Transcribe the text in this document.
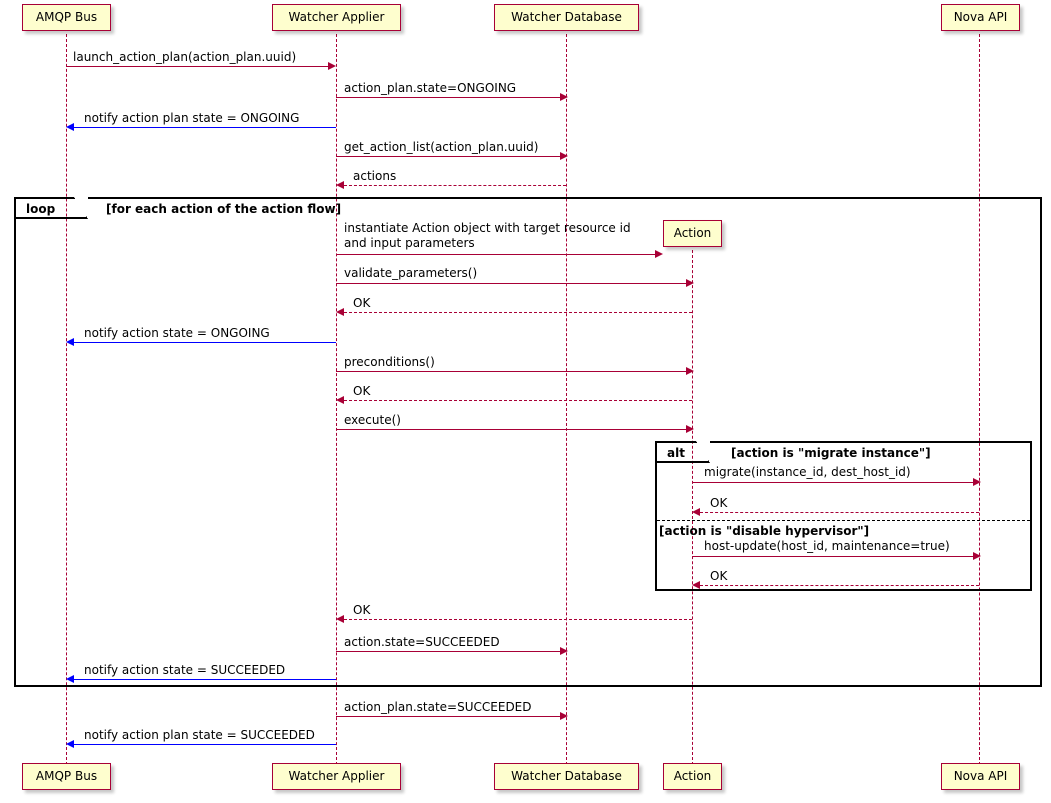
AMQP Bus	Watcher Applier	Watcher Database	Nova API
launch_action_plan(action_plan.uuid)
action_plan.state=ONGOING
notify action plan state = ONGOING
get_action_list(action_plan.uuid)
actions
loop	[for each action of the action flow]
Action
instantiate Action object with target resource id
and input parameters
validate_parameters()
OK
notify action state = ONGOING
preconditions()
OK
execute()
alt	[action is "migrate instance"]
migrate(instance_id, dest_host_id)
OK
[action is "disable hypervisor"]
host-update(host_id, maintenance=true)
OK
OK
action.state=SUCCEEDED
notify action state = SUCCEEDED
action_plan.state=SUCCEEDED
notify action plan state = SUCCEEDED
AMQP Bus	Watcher Applier	Watcher Database	Action	Nova API
